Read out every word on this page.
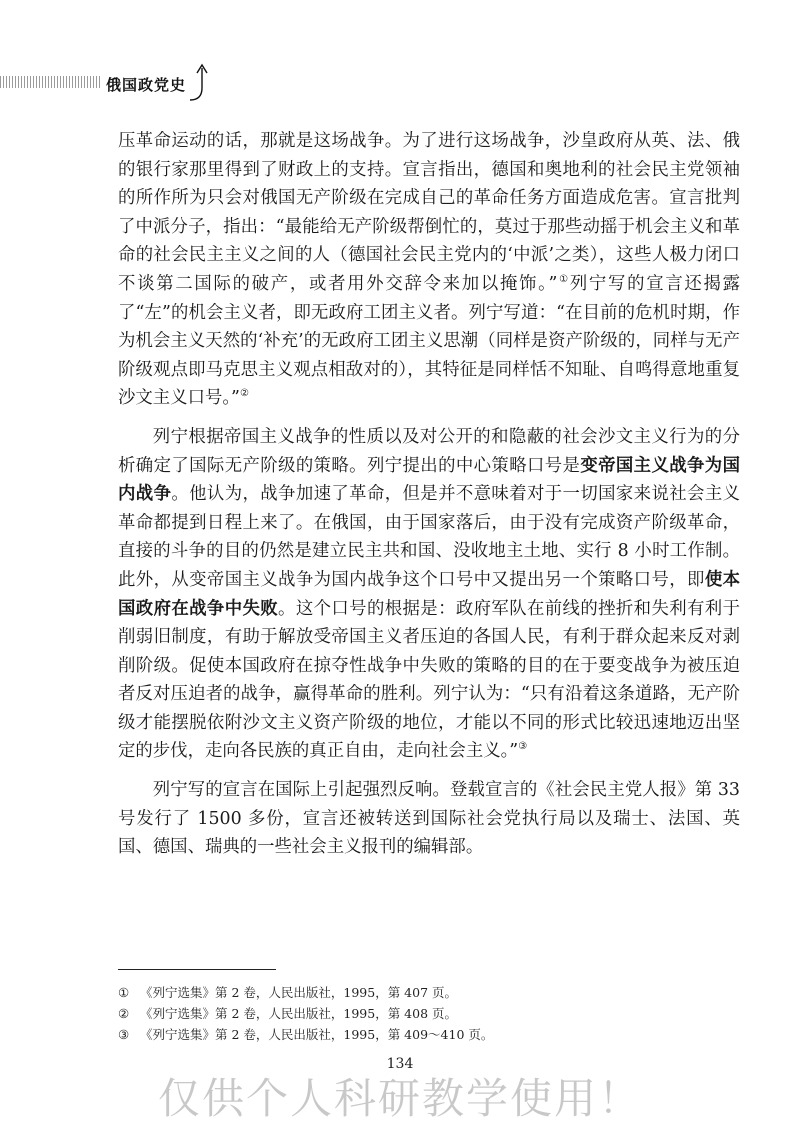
俄国政党史

压革命运动的话，那就是这场战争。为了进行这场战争，沙皇政府从英、法、俄的银行家那里得到了财政上的支持。宣言指出，德国和奥地利的社会民主党领袖的所作所为只会对俄国无产阶级在完成自己的革命任务方面造成危害。宣言批判了中派分子，指出：“最能给无产阶级帮倒忙的，莫过于那些动摇于机会主义和革命的社会民主主义之间的人（德国社会民主党内的‘中派’之类），这些人极力闭口不谈第二国际的破产，或者用外交辞令来加以掩饰。”①列宁写的宣言还揭露了“左”的机会主义者，即无政府工团主义者。列宁写道：“在目前的危机时期，作为机会主义天然的‘补充’的无政府工团主义思潮（同样是资产阶级的，同样与无产阶级观点即马克思主义观点相敌对的），其特征是同样恬不知耻、自鸣得意地重复沙文主义口号。”②

列宁根据帝国主义战争的性质以及对公开的和隐蔽的社会沙文主义行为的分析确定了国际无产阶级的策略。列宁提出的中心策略口号是变帝国主义战争为国内战争。他认为，战争加速了革命，但是并不意味着对于一切国家来说社会主义革命都提到日程上来了。在俄国，由于国家落后，由于没有完成资产阶级革命，直接的斗争的目的仍然是建立民主共和国、没收地主土地、实行 8 小时工作制。此外，从变帝国主义战争为国内战争这个口号中又提出另一个策略口号，即使本国政府在战争中失败。这个口号的根据是：政府军队在前线的挫折和失利有利于削弱旧制度，有助于解放受帝国主义者压迫的各国人民，有利于群众起来反对剥削阶级。促使本国政府在掠夺性战争中失败的策略的目的在于要变战争为被压迫者反对压迫者的战争，赢得革命的胜利。列宁认为：“只有沿着这条道路，无产阶级才能摆脱依附沙文主义资产阶级的地位，才能以不同的形式比较迅速地迈出坚定的步伐，走向各民族的真正自由，走向社会主义。”③

列宁写的宣言在国际上引起强烈反响。登载宣言的《社会民主党人报》第 33 号发行了 1500 多份，宣言还被转送到国际社会党执行局以及瑞士、法国、英国、德国、瑞典的一些社会主义报刊的编辑部。

① 《列宁选集》第 2 卷，人民出版社，1995，第 407 页。
② 《列宁选集》第 2 卷，人民出版社，1995，第 408 页。
③ 《列宁选集》第 2 卷，人民出版社，1995，第 409～410 页。
134
仅供个人科研教学使用！
